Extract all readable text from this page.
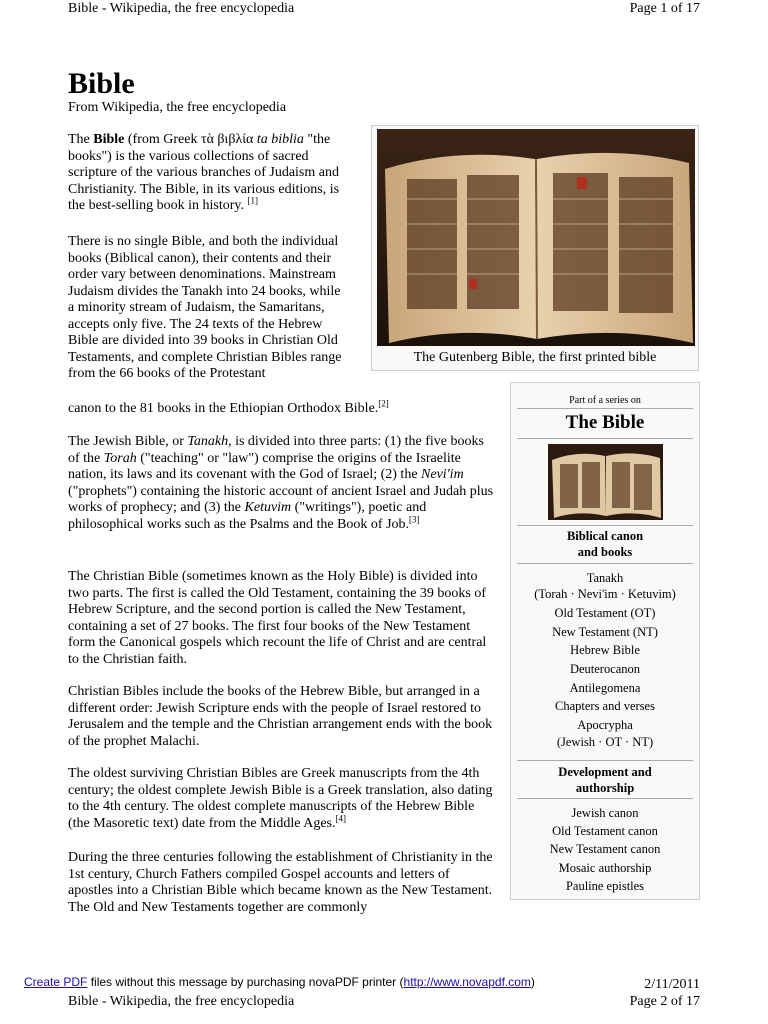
Bible - Wikipedia, the free encyclopedia	Page 1 of 17
Bible
From Wikipedia, the free encyclopedia

The Bible (from Greek τὰ βιβλία ta biblia "the books") is the various collections of sacred scripture of the various branches of Judaism and Christianity. The Bible, in its various editions, is the best-selling book in history. [1]

There is no single Bible, and both the individual books (Biblical canon), their contents and their order vary between denominations. Mainstream Judaism divides the Tanakh into 24 books, while a minority stream of Judaism, the Samaritans, accepts only five. The 24 texts of the Hebrew Bible are divided into 39 books in Christian Old Testaments, and complete Christian Bibles range from the 66 books of the Protestant

canon to the 81 books in the Ethiopian Orthodox Bible.[2]

The Jewish Bible, or Tanakh, is divided into three parts: (1) the five books of the Torah ("teaching" or "law") comprise the origins of the Israelite nation, its laws and its covenant with the God of Israel; (2) the Nevi'im ("prophets") containing the historic account of ancient Israel and Judah plus works of prophecy; and (3) the Ketuvim ("writings"), poetic and philosophical works such as the Psalms and the Book of Job.[3]

The Christian Bible (sometimes known as the Holy Bible) is divided into two parts. The first is called the Old Testament, containing the 39 books of Hebrew Scripture, and the second portion is called the New Testament, containing a set of 27 books. The first four books of the New Testament form the Canonical gospels which recount the life of Christ and are central to the Christian faith.

Christian Bibles include the books of the Hebrew Bible, but arranged in a different order: Jewish Scripture ends with the people of Israel restored to Jerusalem and the temple and the Christian arrangement ends with the book of the prophet Malachi.

The oldest surviving Christian Bibles are Greek manuscripts from the 4th century; the oldest complete Jewish Bible is a Greek translation, also dating to the 4th century. The oldest complete manuscripts of the Hebrew Bible (the Masoretic text) date from the Middle Ages.[4]

During the three centuries following the establishment of Christianity in the 1st century, Church Fathers compiled Gospel accounts and letters of apostles into a Christian Bible which became known as the New Testament. The Old and New Testaments together are commonly

The Gutenberg Bible, the first printed bible
Part of a series on
The Bible
Biblical canon
and books
Tanakh
(Torah · Nevi'im · Ketuvim)
Old Testament (OT)
New Testament (NT)
Hebrew Bible
Deuterocanon
Antilegomena
Chapters and verses
Apocrypha
(Jewish · OT · NT)
Development and
authorship
Jewish canon
Old Testament canon
New Testament canon
Mosaic authorship
Pauline epistles
Create PDF files without this message by purchasing novaPDF printer (http://www.novapdf.com)	2/11/2011
Bible - Wikipedia, the free encyclopedia	Page 2 of 17
